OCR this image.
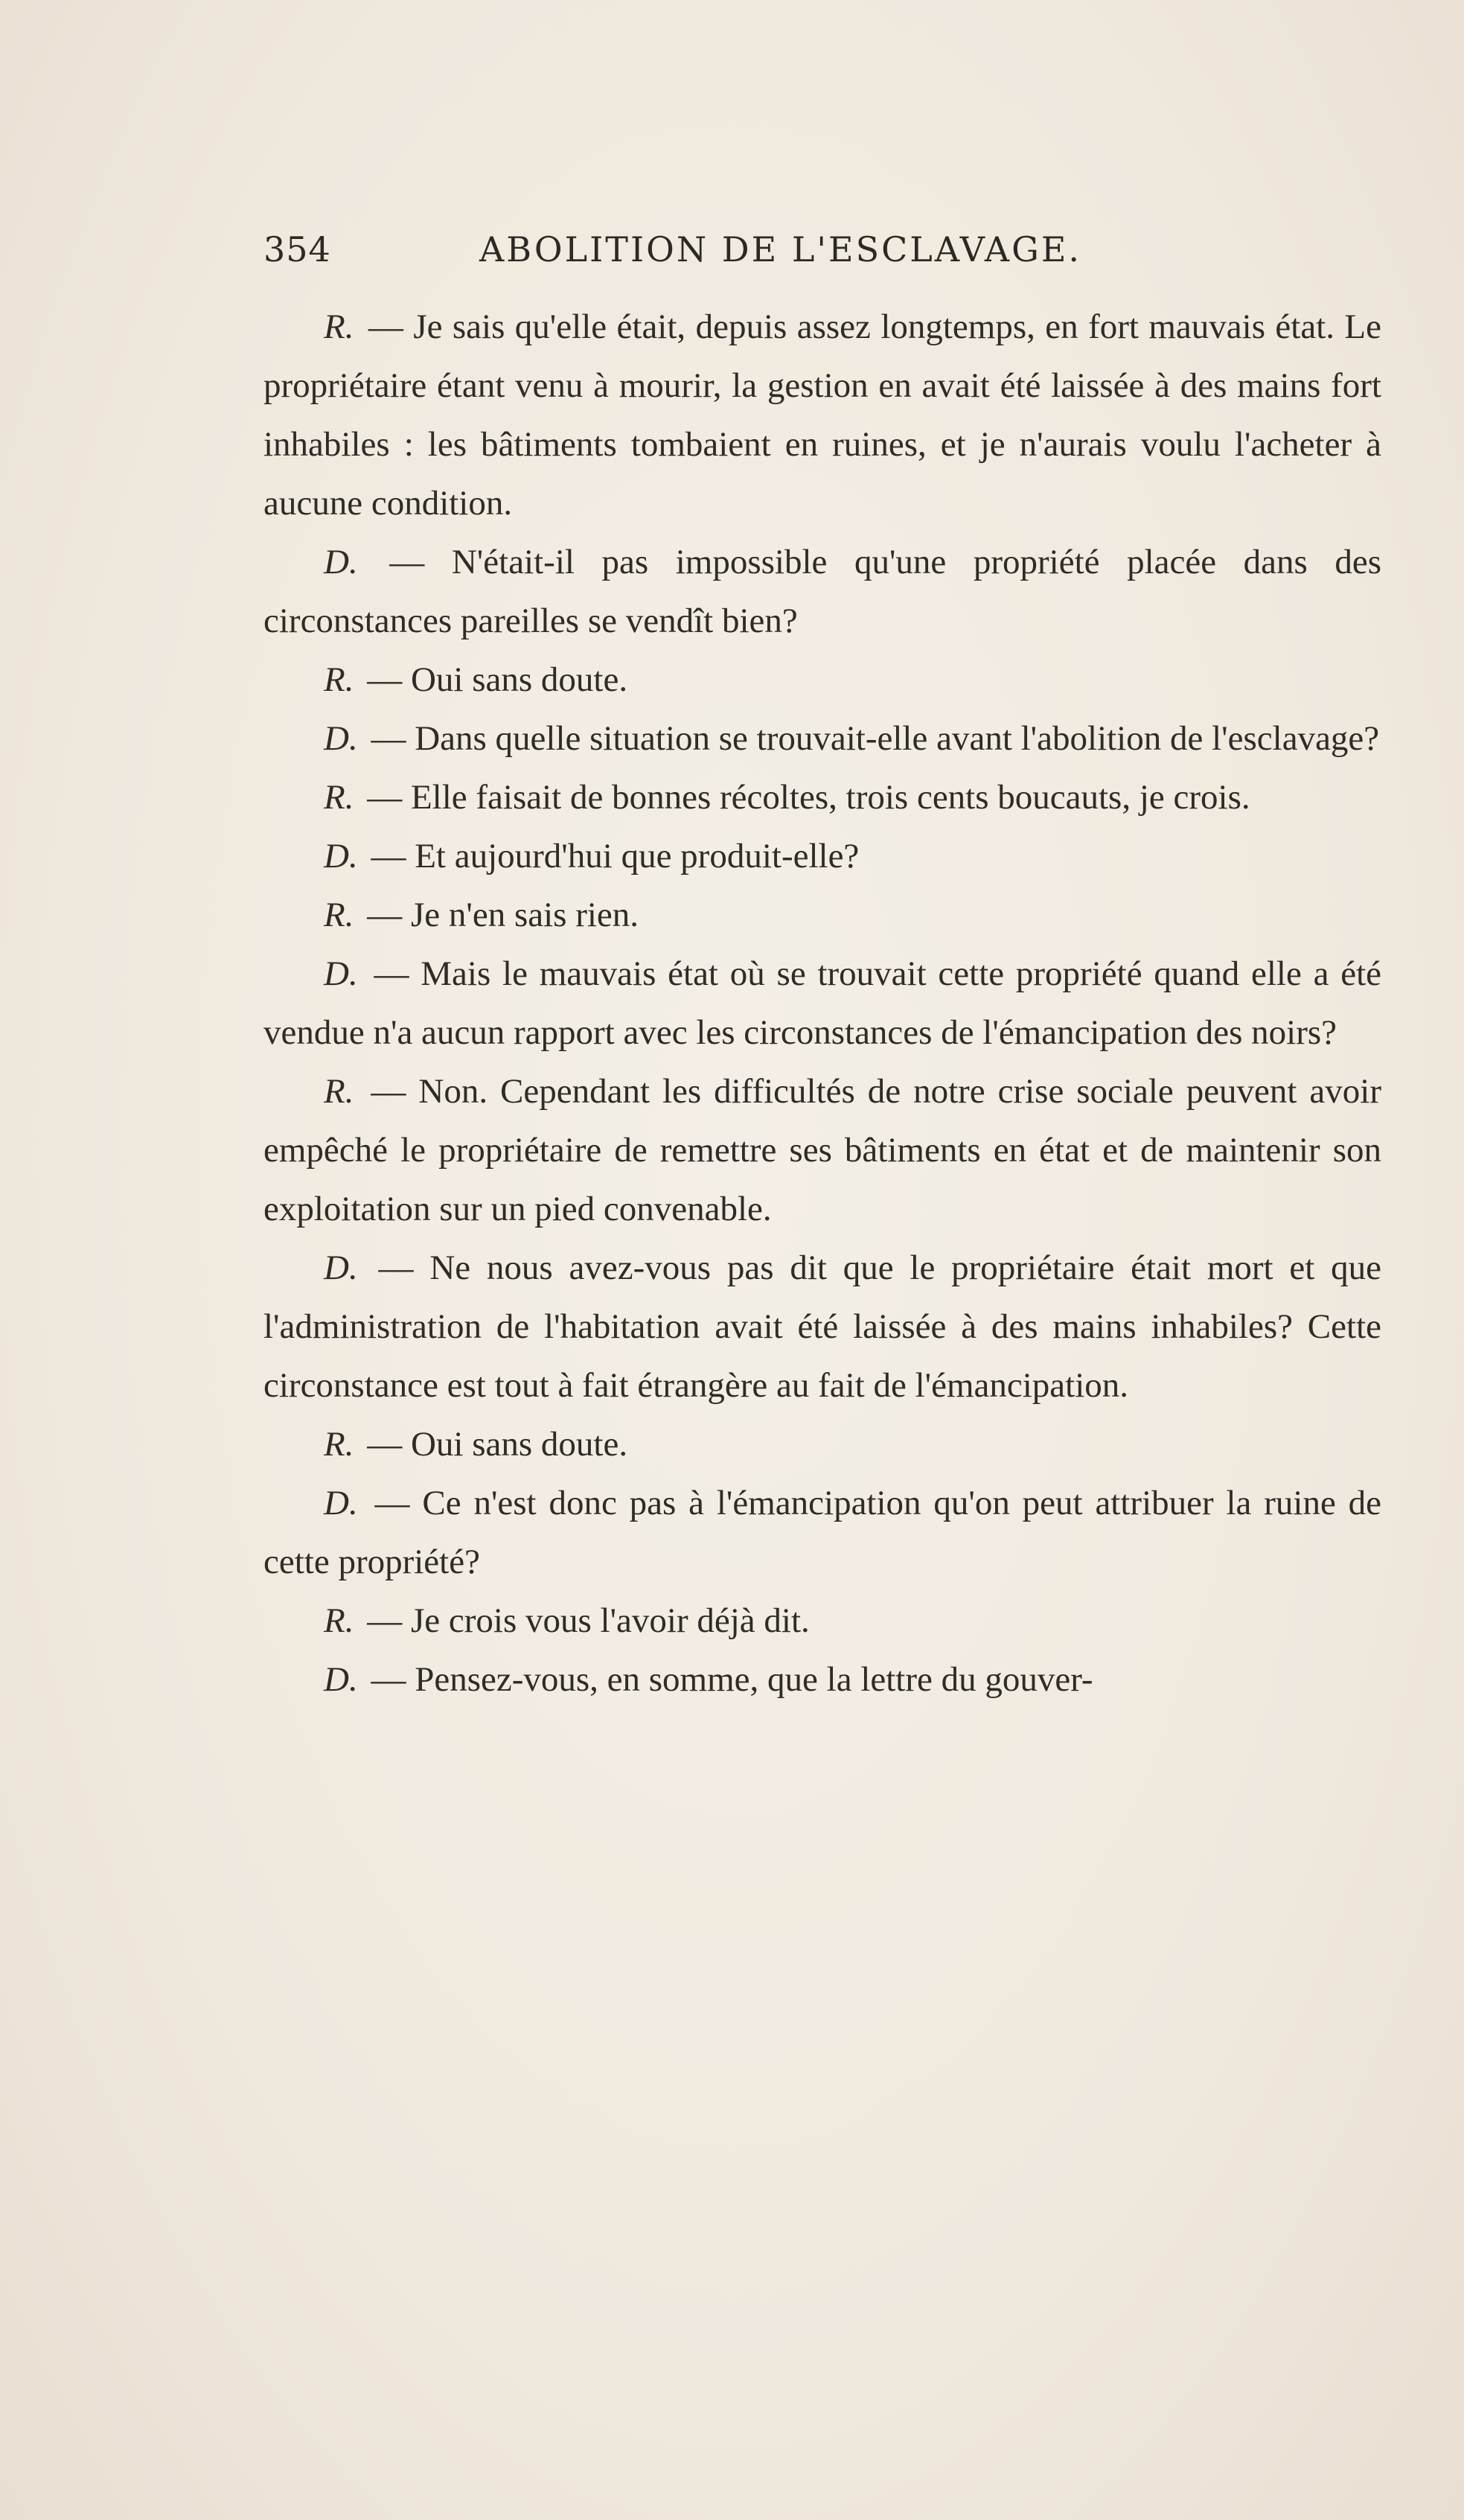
354	ABOLITION DE L'ESCLAVAGE.

R. — Je sais qu'elle était, depuis assez longtemps, en fort mauvais état. Le propriétaire étant venu à mourir, la gestion en avait été laissée à des mains fort inhabiles : les bâtiments tombaient en ruines, et je n'aurais voulu l'acheter à aucune condition.

D. — N'était-il pas impossible qu'une propriété placée dans des circonstances pareilles se vendît bien?

R. — Oui sans doute.

D. — Dans quelle situation se trouvait-elle avant l'abolition de l'esclavage?

R. — Elle faisait de bonnes récoltes, trois cents boucauts, je crois.

D. — Et aujourd'hui que produit-elle?

R. — Je n'en sais rien.

D. — Mais le mauvais état où se trouvait cette propriété quand elle a été vendue n'a aucun rapport avec les circonstances de l'émancipation des noirs?

R. — Non. Cependant les difficultés de notre crise sociale peuvent avoir empêché le propriétaire de remettre ses bâtiments en état et de maintenir son exploitation sur un pied convenable.

D. — Ne nous avez-vous pas dit que le propriétaire était mort et que l'administration de l'habitation avait été laissée à des mains inhabiles? Cette circonstance est tout à fait étrangère au fait de l'émancipation.

R. — Oui sans doute.

D. — Ce n'est donc pas à l'émancipation qu'on peut attribuer la ruine de cette propriété?

R. — Je crois vous l'avoir déjà dit.

D. — Pensez-vous, en somme, que la lettre du gouver-
